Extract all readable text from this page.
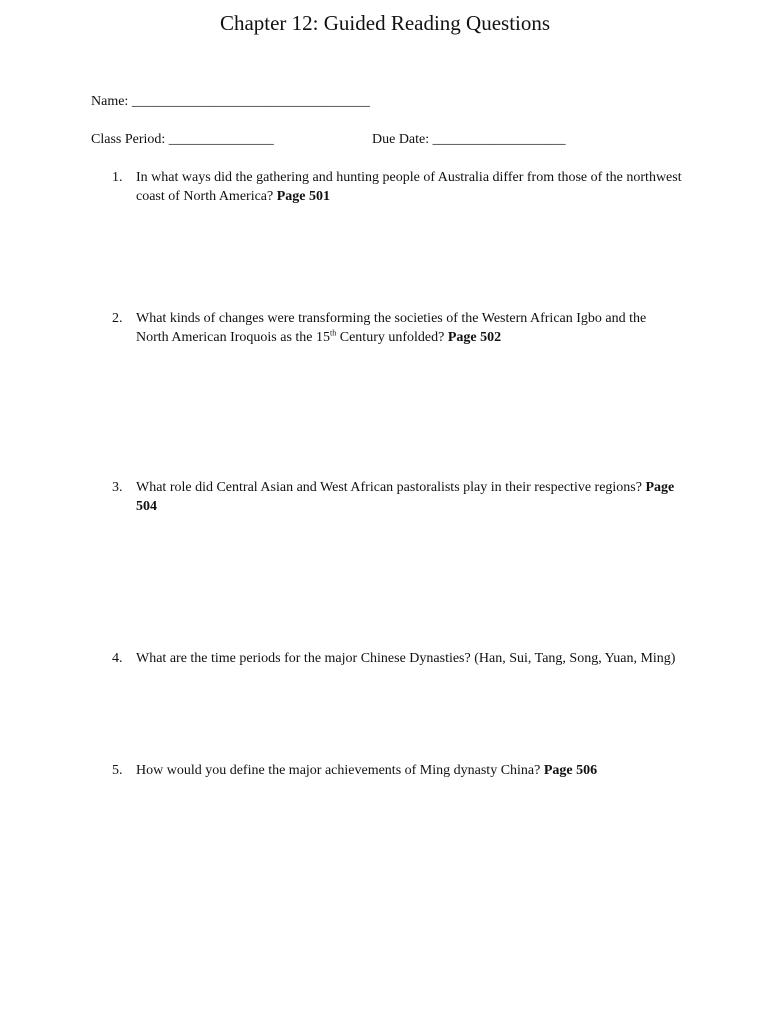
Chapter 12: Guided Reading Questions
Name: __________________________________
Class Period: _______________	Due Date: ___________________
1. In what ways did the gathering and hunting people of Australia differ from those of the northwest coast of North America? Page 501
2. What kinds of changes were transforming the societies of the Western African Igbo and the North American Iroquois as the 15th Century unfolded? Page 502
3. What role did Central Asian and West African pastoralists play in their respective regions? Page 504
4. What are the time periods for the major Chinese Dynasties? (Han, Sui, Tang, Song, Yuan, Ming)
5. How would you define the major achievements of Ming dynasty China? Page 506
